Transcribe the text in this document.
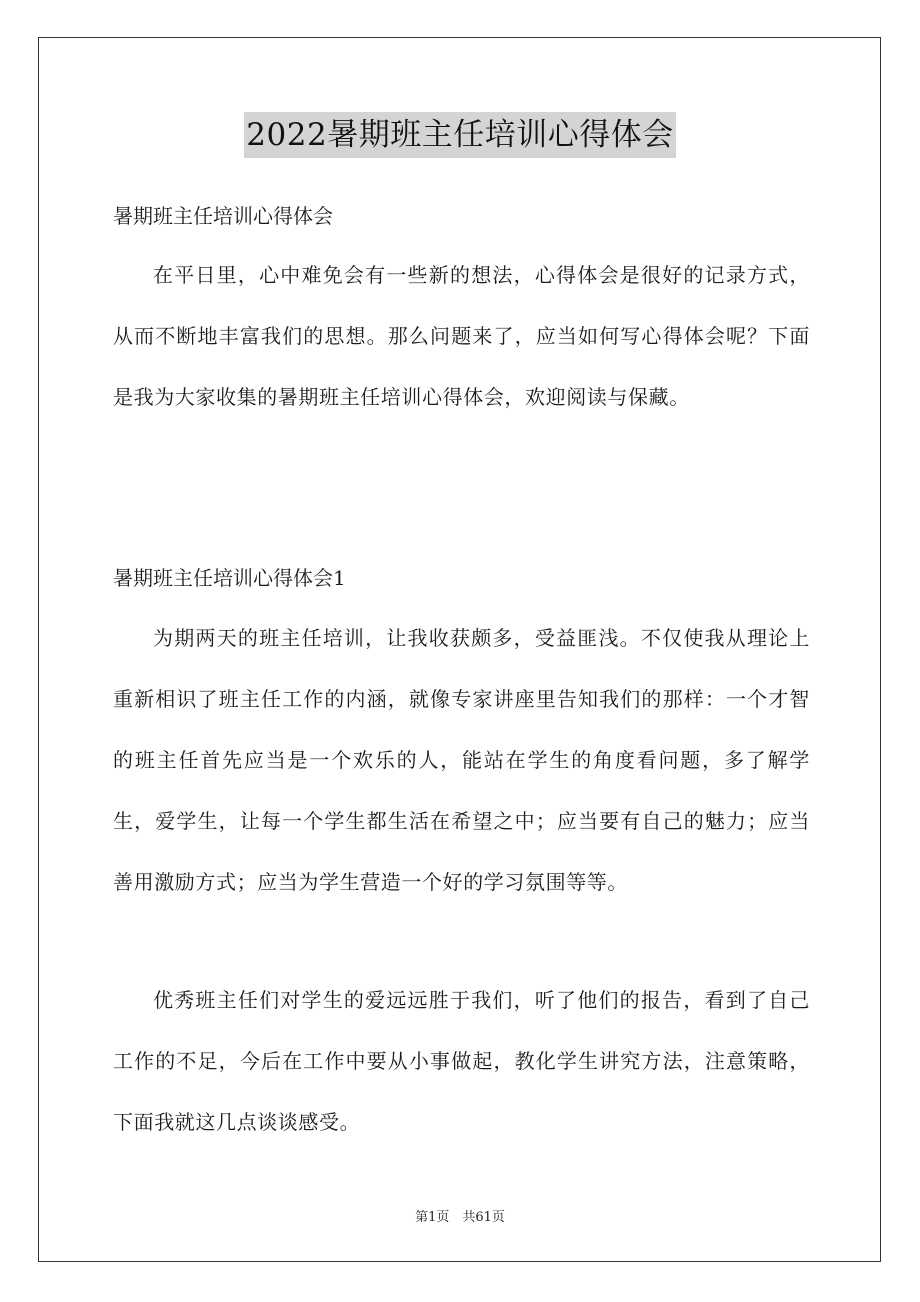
2022暑期班主任培训心得体会
暑期班主任培训心得体会
在平日里，心中难免会有一些新的想法，心得体会是很好的记录方式，从而不断地丰富我们的思想。那么问题来了，应当如何写心得体会呢？下面是我为大家收集的暑期班主任培训心得体会，欢迎阅读与保藏。
暑期班主任培训心得体会1
为期两天的班主任培训，让我收获颇多，受益匪浅。不仅使我从理论上重新相识了班主任工作的内涵，就像专家讲座里告知我们的那样：一个才智的班主任首先应当是一个欢乐的人，能站在学生的角度看问题，多了解学生，爱学生，让每一个学生都生活在希望之中；应当要有自己的魅力；应当善用激励方式；应当为学生营造一个好的学习氛围等等。
优秀班主任们对学生的爱远远胜于我们，听了他们的报告，看到了自己工作的不足，今后在工作中要从小事做起，教化学生讲究方法，注意策略，下面我就这几点谈谈感受。
第1页　共61页
